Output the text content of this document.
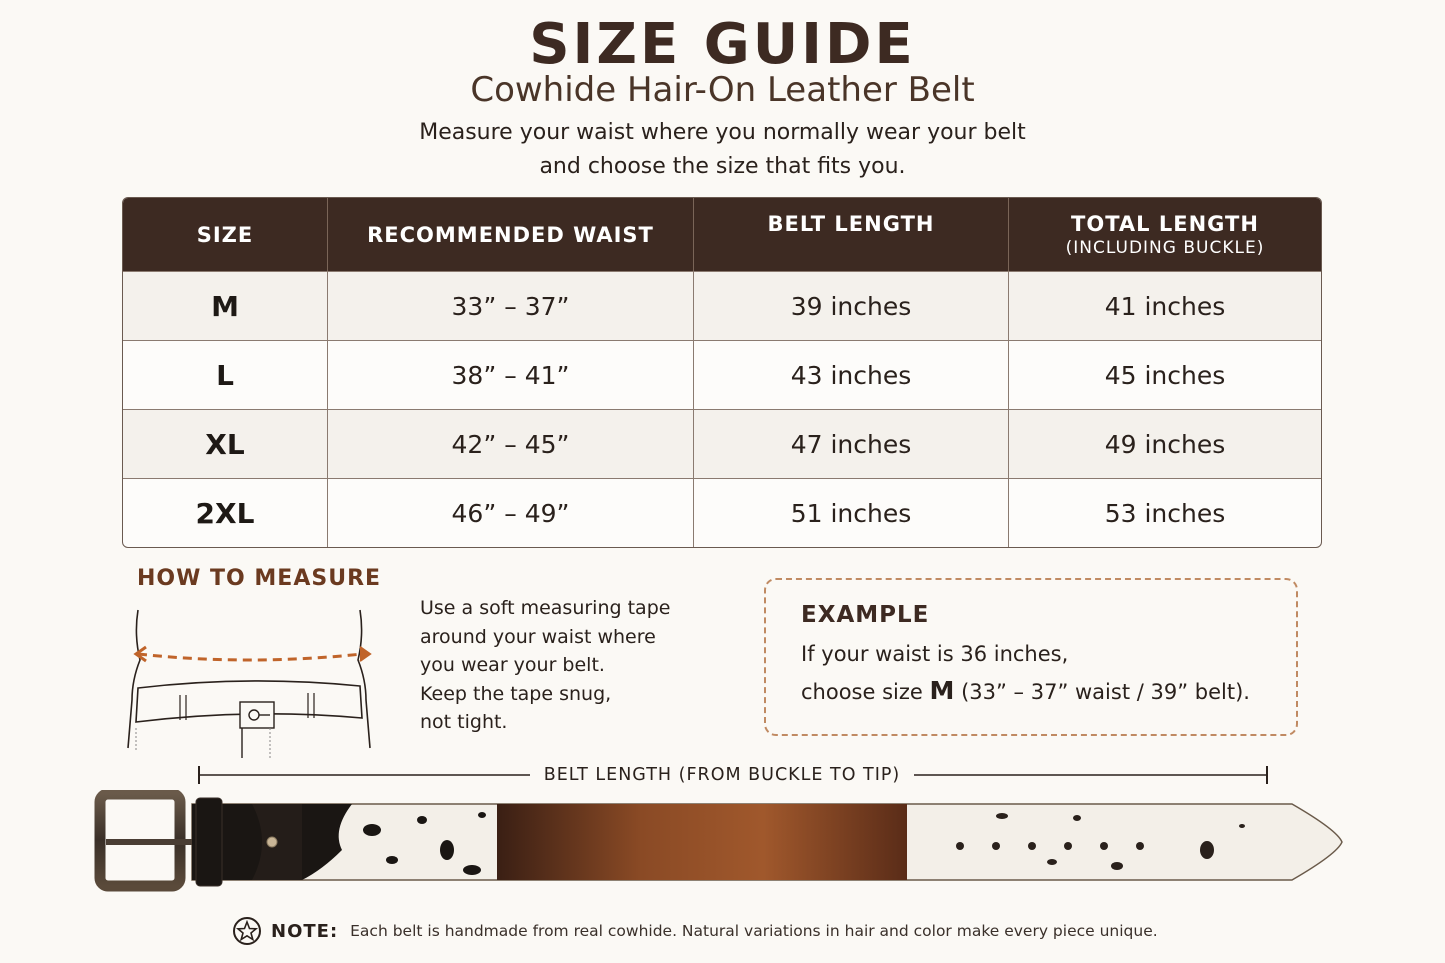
SIZE GUIDE
Cowhide Hair-On Leather Belt
Measure your waist where you normally wear your belt
and choose the size that fits you.
SIZE	RECOMMENDED WAIST	BELT LENGTH	TOTAL LENGTH
(INCLUDING BUCKLE)
M	33” – 37”	39 inches	41 inches
L	38” – 41”	43 inches	45 inches
XL	42” – 45”	47 inches	49 inches
2XL	46” – 49”	51 inches	53 inches
HOW TO MEASURE
Use a soft measuring tape
around your waist where
you wear your belt.
Keep the tape snug,
not tight.
EXAMPLE
If your waist is 36 inches,
choose size M (33” – 37” waist / 39” belt).
BELT LENGTH (FROM BUCKLE TO TIP)
NOTE: Each belt is handmade from real cowhide. Natural variations in hair and color make every piece unique.
